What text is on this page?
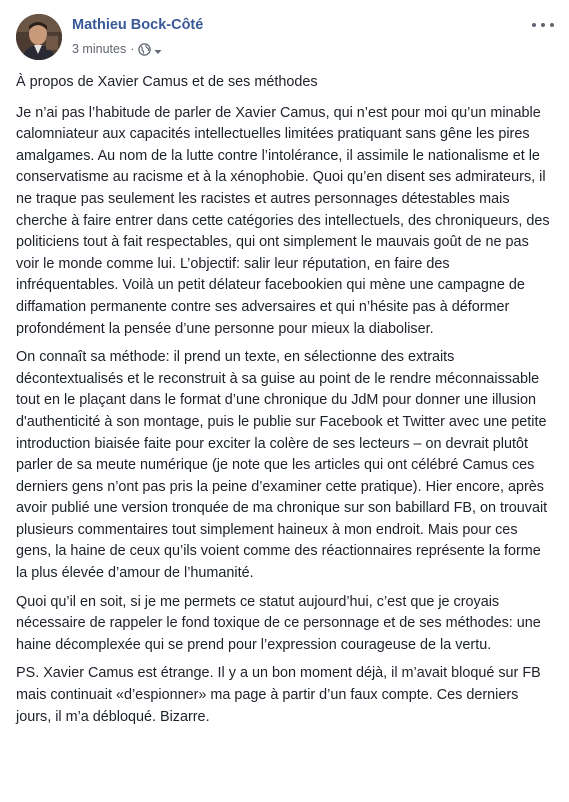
Mathieu Bock-Côté
3 minutes ·

À propos de Xavier Camus et de ses méthodes

Je n’ai pas l’habitude de parler de Xavier Camus, qui n’est pour moi qu’un minable calomniateur aux capacités intellectuelles limitées pratiquant sans gêne les pires amalgames. Au nom de la lutte contre l’intolérance, il assimile le nationalisme et le conservatisme au racisme et à la xénophobie. Quoi qu’en disent ses admirateurs, il ne traque pas seulement les racistes et autres personnages détestables mais cherche à faire entrer dans cette catégories des intellectuels, des chroniqueurs, des politiciens tout à fait respectables, qui ont simplement le mauvais goût de ne pas voir le monde comme lui. L’objectif: salir leur réputation, en faire des infréquentables. Voilà un petit délateur facebookien qui mène une campagne de diffamation permanente contre ses adversaires et qui n’hésite pas à déformer profondément la pensée d’une personne pour mieux la diaboliser.

On connaît sa méthode: il prend un texte, en sélectionne des extraits décontextualisés et le reconstruit à sa guise au point de le rendre méconnaissable tout en le plaçant dans le format d’une chronique du JdM pour donner une illusion d'authenticité à son montage, puis le publie sur Facebook et Twitter avec une petite introduction biaisée faite pour exciter la colère de ses lecteurs – on devrait plutôt parler de sa meute numérique (je note que les articles qui ont célébré Camus ces derniers gens n’ont pas pris la peine d’examiner cette pratique). Hier encore, après avoir publié une version tronquée de ma chronique sur son babillard FB, on trouvait plusieurs commentaires tout simplement haineux à mon endroit. Mais pour ces gens, la haine de ceux qu’ils voient comme des réactionnaires représente la forme la plus élevée d’amour de l’humanité.

Quoi qu’il en soit, si je me permets ce statut aujourd’hui, c’est que je croyais nécessaire de rappeler le fond toxique de ce personnage et de ses méthodes: une haine décomplexée qui se prend pour l’expression courageuse de la vertu.

PS. Xavier Camus est étrange. Il y a un bon moment déjà, il m’avait bloqué sur FB mais continuait «d’espionner» ma page à partir d’un faux compte. Ces derniers jours, il m’a débloqué. Bizarre.
